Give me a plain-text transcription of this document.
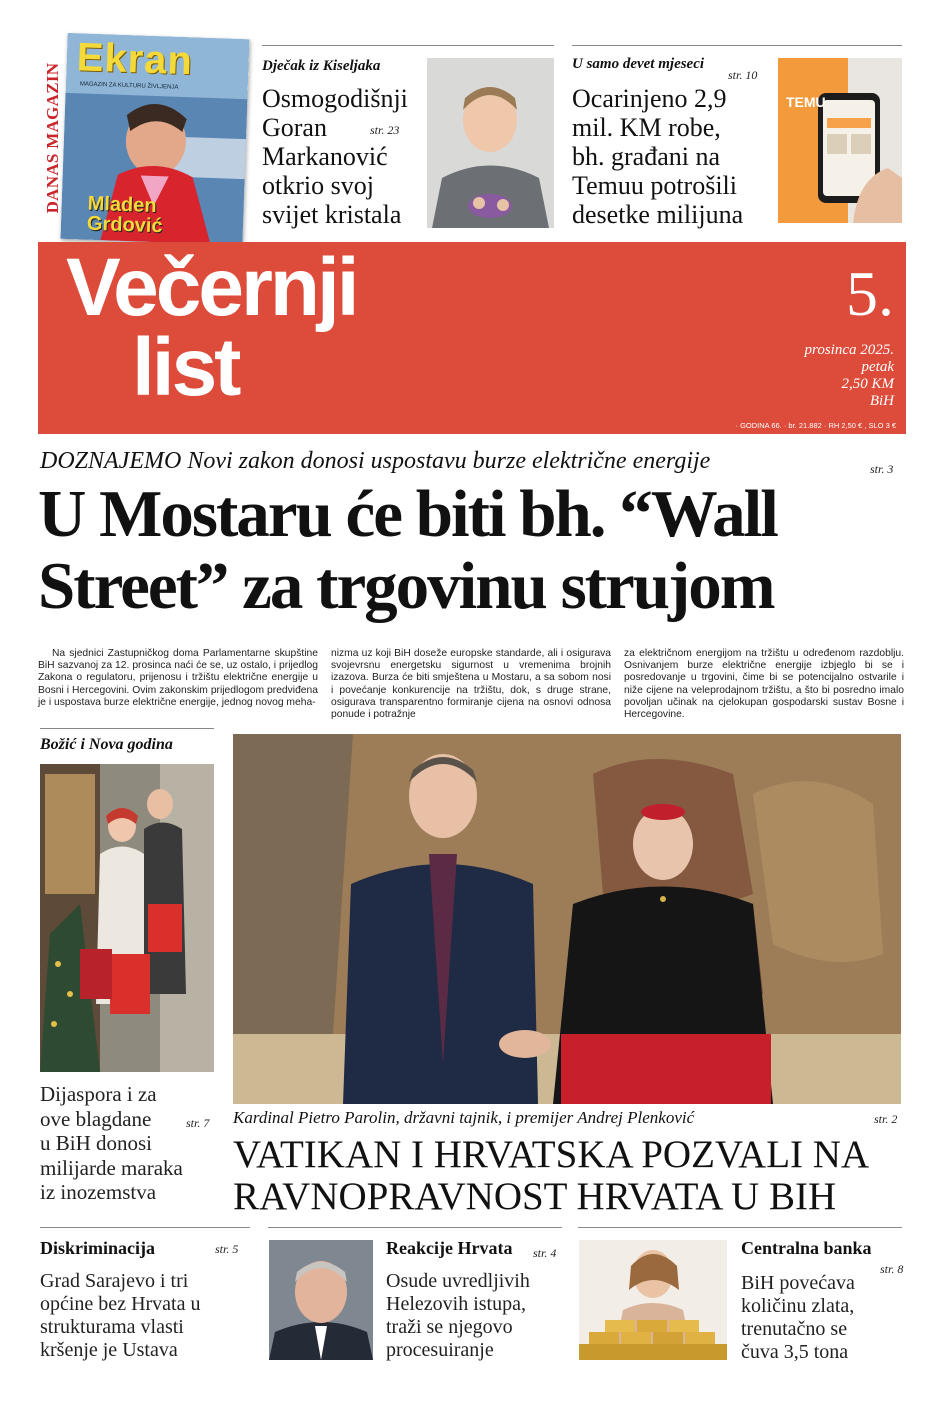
DANAS MAGAZIN
Ekran
MAGAZIN ZA KULTURU ŽIVLJENJA
Mladen
Grdović
Dječak iz Kiseljaka
str. 23
Osmogodišnji
Goran
Markanović
otkrio svoj
svijet kristala
U samo devet mjeseci
str. 10
Ocarinjeno 2,9
mil. KM robe,
bh. građani na
Temuu potrošili
desetke milijuna
TEMU
Večernji
list
5.
prosinca 2025.
petak
2,50 KM
BiH
· GODINA 66. · br. 21.882 · RH 2,50 € , SLO 3 €
DOZNAJEMO Novi zakon donosi uspostavu burze električne energije	str. 3
U Mostaru će biti bh. “Wall
Street” za trgovinu strujom
Na sjednici Zastupničkog doma Parlamentarne skupštine BiH sazvanoj za 12. prosinca naći će se, uz ostalo, i prijedlog Zakona o regulatoru, prijenosu i tržištu električne energije u Bosni i Hercegovini. Ovim zakonskim prijedlogom predviđena je i uspostava burze električne energije, jednog novog meha-
nizma uz koji BiH doseže europske standarde, ali i osigurava svojevrsnu energetsku sigurnost u vremenima brojnih izazova. Burza će biti smještena u Mostaru, a sa sobom nosi i povećanje konkurencije na tržištu, dok, s druge strane, osigurava transparentno formiranje cijena na osnovi odnosa ponude i potražnje
za električnom energijom na tržištu u određenom razdoblju. Osnivanjem burze električne energije izbjeglo bi se i posredovanje u trgovini, čime bi se potencijalno ostvarile i niže cijene na veleprodajnom tržištu, a što bi posredno imalo povoljan učinak na cjelokupan gospodarski sustav Bosne i Hercegovine.
Božić i Nova godina
str. 7
Dijaspora i za
ove blagdane
u BiH donosi
milijarde maraka
iz inozemstva
Kardinal Pietro Parolin, državni tajnik, i premijer Andrej Plenković	str. 2
VATIKAN I HRVATSKA POZVALI NA
RAVNOPRAVNOST HRVATA U BIH
Diskriminacija	str. 5
Grad Sarajevo i tri
općine bez Hrvata u
strukturama vlasti
kršenje je Ustava
Reakcije Hrvata str. 4
Osude uvredljivih
Helezovih istupa,
traži se njegovo
procesuiranje
Centralna banka
str. 8
BiH povećava
količinu zlata,
trenutačno se
čuva 3,5 tona
